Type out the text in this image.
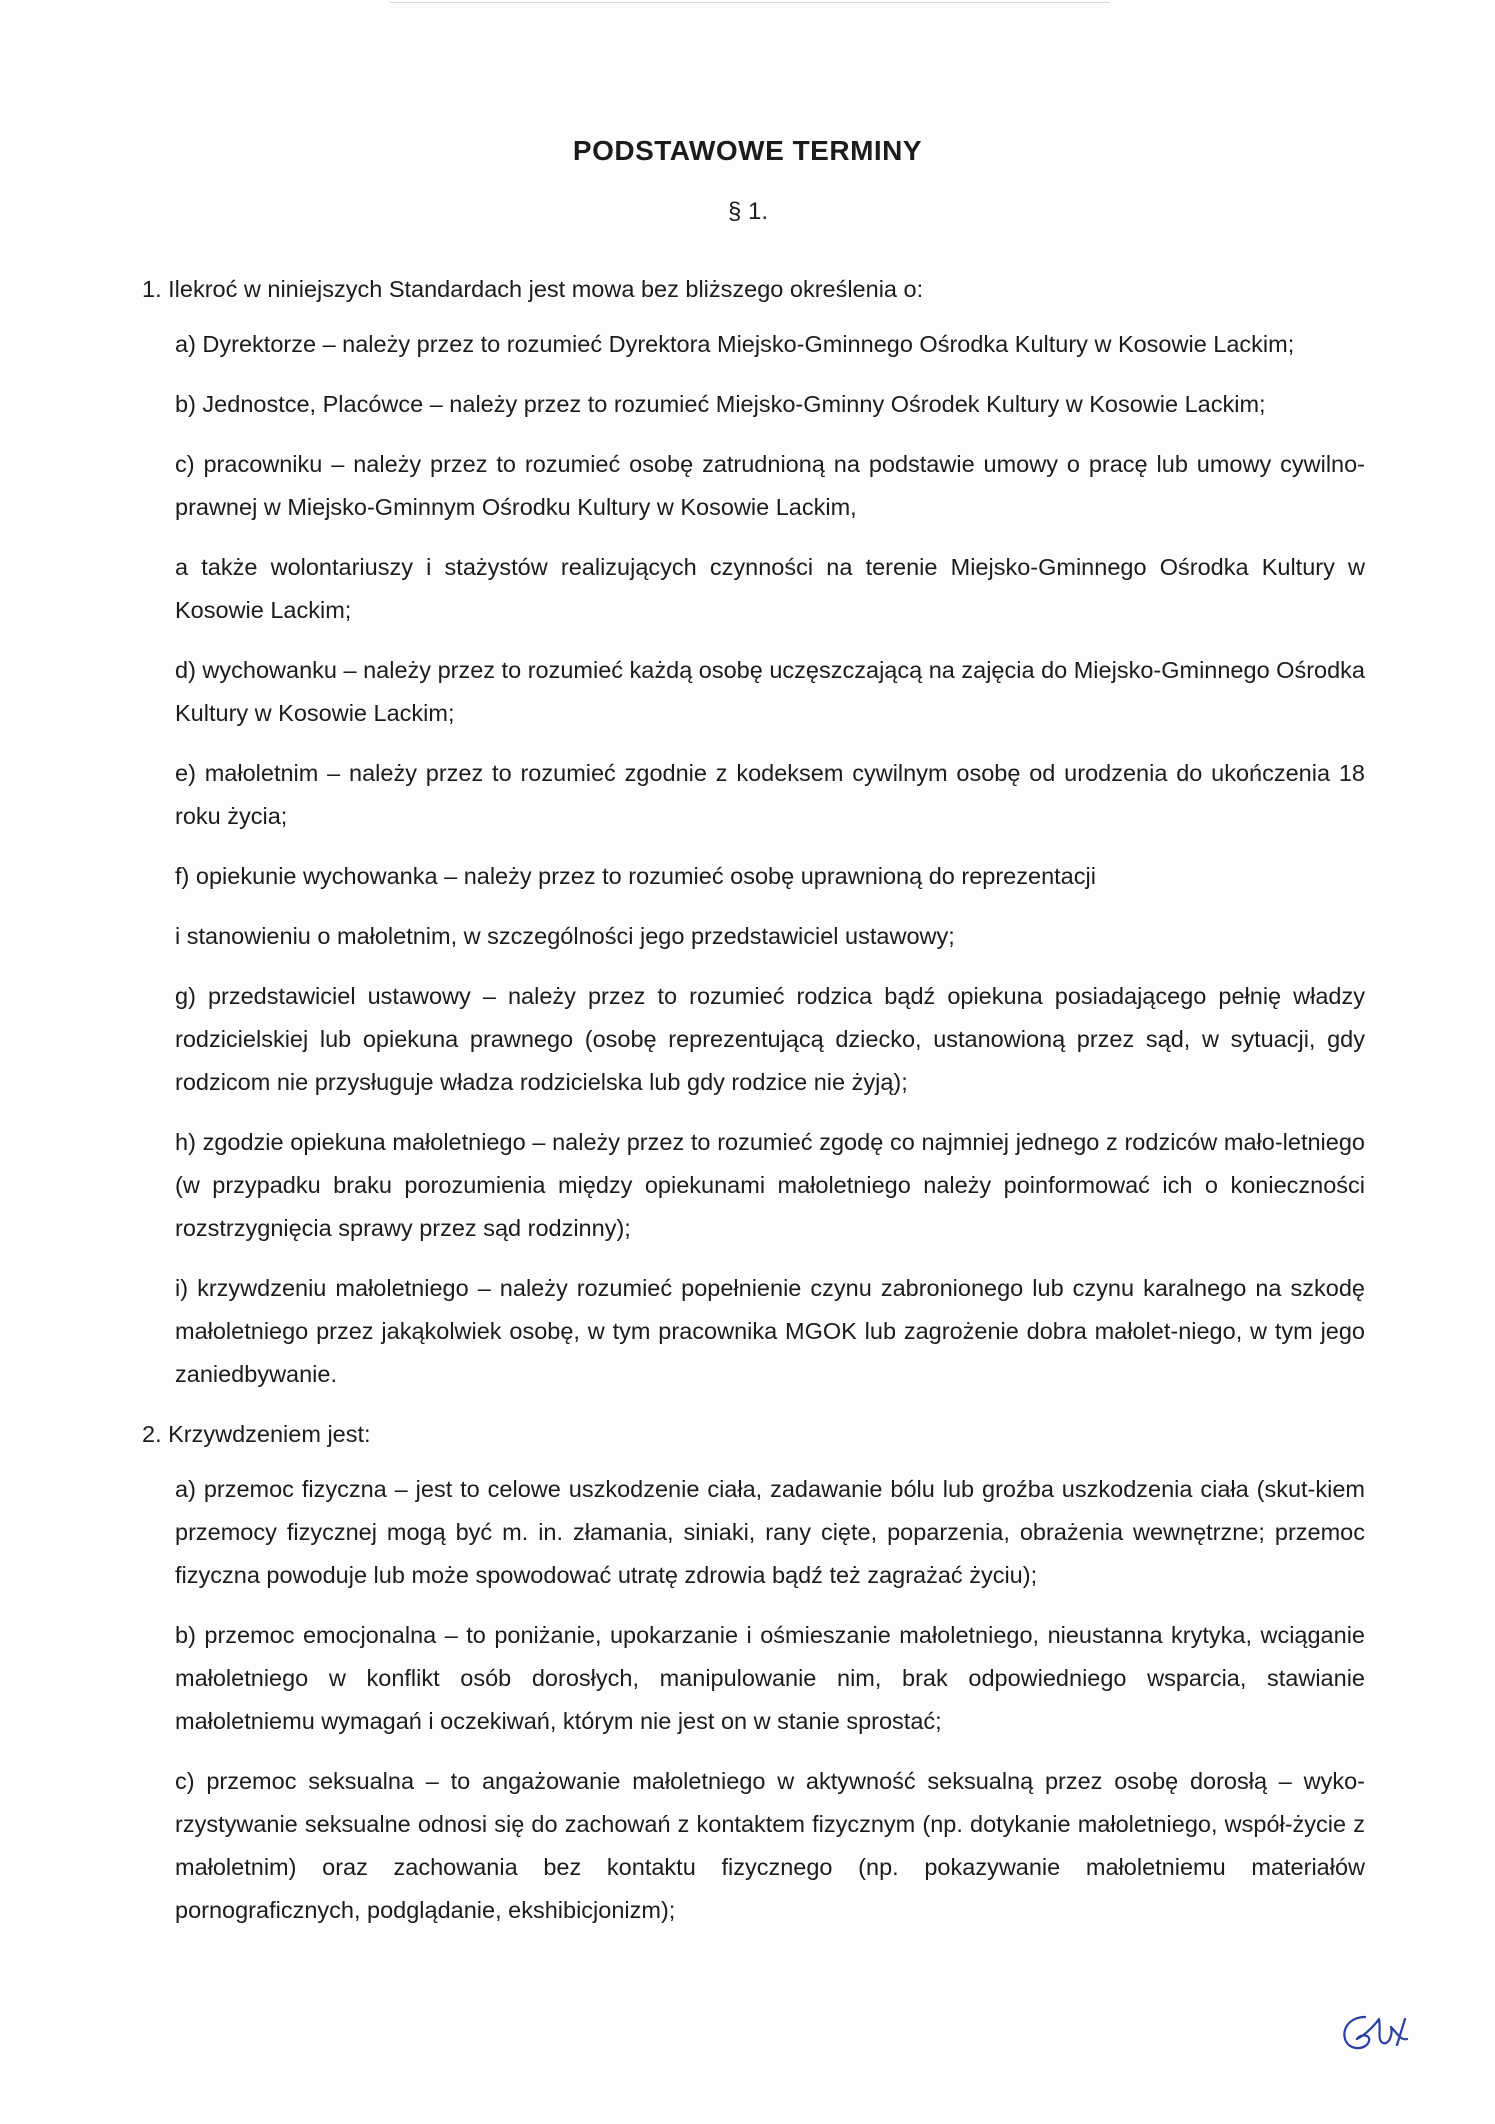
PODSTAWOWE TERMINY

§ 1.

1. Ilekroć w niniejszych Standardach jest mowa bez bliższego określenia o:

a) Dyrektorze – należy przez to rozumieć Dyrektora Miejsko-Gminnego Ośrodka Kultury w Kosowie Lackim;

b) Jednostce, Placówce – należy przez to rozumieć Miejsko-Gminny Ośrodek Kultury w Kosowie Lackim;

c) pracowniku – należy przez to rozumieć osobę zatrudnioną na podstawie umowy o pracę lub umowy cywilno-prawnej w Miejsko-Gminnym Ośrodku Kultury w Kosowie Lackim,

a także wolontariuszy i stażystów realizujących czynności na terenie Miejsko-Gminnego Ośrodka Kultury w Kosowie Lackim;

d) wychowanku – należy przez to rozumieć każdą osobę uczęszczającą na zajęcia do Miejsko-Gminnego Ośrodka Kultury w Kosowie Lackim;

e) małoletnim – należy przez to rozumieć zgodnie z kodeksem cywilnym osobę od urodzenia do ukończenia 18 roku życia;

f) opiekunie wychowanka – należy przez to rozumieć osobę uprawnioną do reprezentacji

i stanowieniu o małoletnim, w szczególności jego przedstawiciel ustawowy;

g) przedstawiciel ustawowy – należy przez to rozumieć rodzica bądź opiekuna posiadającego pełnię władzy rodzicielskiej lub opiekuna prawnego (osobę reprezentującą dziecko, ustanowioną przez sąd, w sytuacji, gdy rodzicom nie przysługuje władza rodzicielska lub gdy rodzice nie żyją);

h) zgodzie opiekuna małoletniego – należy przez to rozumieć zgodę co najmniej jednego z rodziców mało-letniego (w przypadku braku porozumienia między opiekunami małoletniego należy poinformować ich o konieczności rozstrzygnięcia sprawy przez sąd rodzinny);

i) krzywdzeniu małoletniego – należy rozumieć popełnienie czynu zabronionego lub czynu karalnego na szkodę małoletniego przez jakąkolwiek osobę, w tym pracownika MGOK lub zagrożenie dobra małolet-niego, w tym jego zaniedbywanie.

2. Krzywdzeniem jest:

a) przemoc fizyczna – jest to celowe uszkodzenie ciała, zadawanie bólu lub groźba uszkodzenia ciała (skut-kiem przemocy fizycznej mogą być m. in. złamania, siniaki, rany cięte, poparzenia, obrażenia wewnętrzne; przemoc fizyczna powoduje lub może spowodować utratę zdrowia bądź też zagrażać życiu);

b) przemoc emocjonalna – to poniżanie, upokarzanie i ośmieszanie małoletniego, nieustanna krytyka, wciąganie małoletniego w konflikt osób dorosłych, manipulowanie nim, brak odpowiedniego wsparcia, stawianie małoletniemu wymagań i oczekiwań, którym nie jest on w stanie sprostać;

c) przemoc seksualna – to angażowanie małoletniego w aktywność seksualną przez osobę dorosłą – wyko-rzystywanie seksualne odnosi się do zachowań z kontaktem fizycznym (np. dotykanie małoletniego, współ-życie z małoletnim) oraz zachowania bez kontaktu fizycznego (np. pokazywanie małoletniemu materiałów pornograficznych, podglądanie, ekshibicjonizm);
